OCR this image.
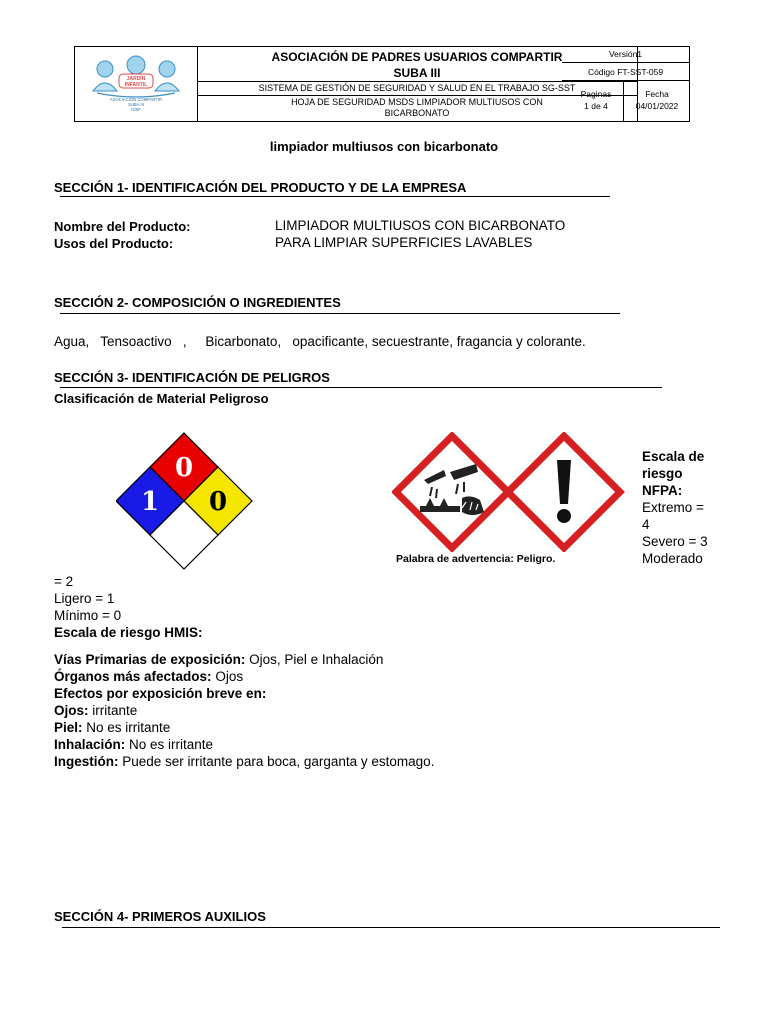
JARDÍN
INFANTIL
ASOCIACIÓN COMPARTIR
SUBA III
ICBF
ASOCIACIÓN DE PADRES USUARIOS COMPARTIR
SUBA III
SISTEMA DE GESTIÓN DE SEGURIDAD Y SALUD EN EL TRABAJO SG-SST
HOJA DE SEGURIDAD MSDS LIMPIADOR MULTIUSOS CON
BICARBONATO
Versión1
Código FT-SST-059
Paginas
1 de 4
Fecha
04/01/2022
limpiador multiusos con bicarbonato
SECCIÓN 1- IDENTIFICACIÓN DEL PRODUCTO Y DE LA EMPRESA
Nombre del Producto:	LIMPIADOR MULTIUSOS CON BICARBONATO
Usos del Producto:	PARA LIMPIAR SUPERFICIES LAVABLES
SECCIÓN 2- COMPOSICIÓN O INGREDIENTES
Agua,   Tensoactivo   ,     Bicarbonato,   opacificante, secuestrante, fragancia y colorante.
SECCIÓN 3- IDENTIFICACIÓN DE PELIGROS
Clasificación de Material Peligroso
0
1 0
Palabra de advertencia: Peligro.
Escala de
riesgo
NFPA:
Extremo =
4
Severo = 3
Moderado
= 2
Ligero = 1
Mínimo = 0
Escala de riesgo HMIS:
Vías Primarias de exposición: Ojos, Piel e Inhalación
Órganos más afectados: Ojos
Efectos por exposición breve en:
Ojos: irritante
Piel: No es irritante
Inhalación: No es irritante
Ingestión: Puede ser irritante para boca, garganta y estomago.
SECCIÓN 4- PRIMEROS AUXILIOS
